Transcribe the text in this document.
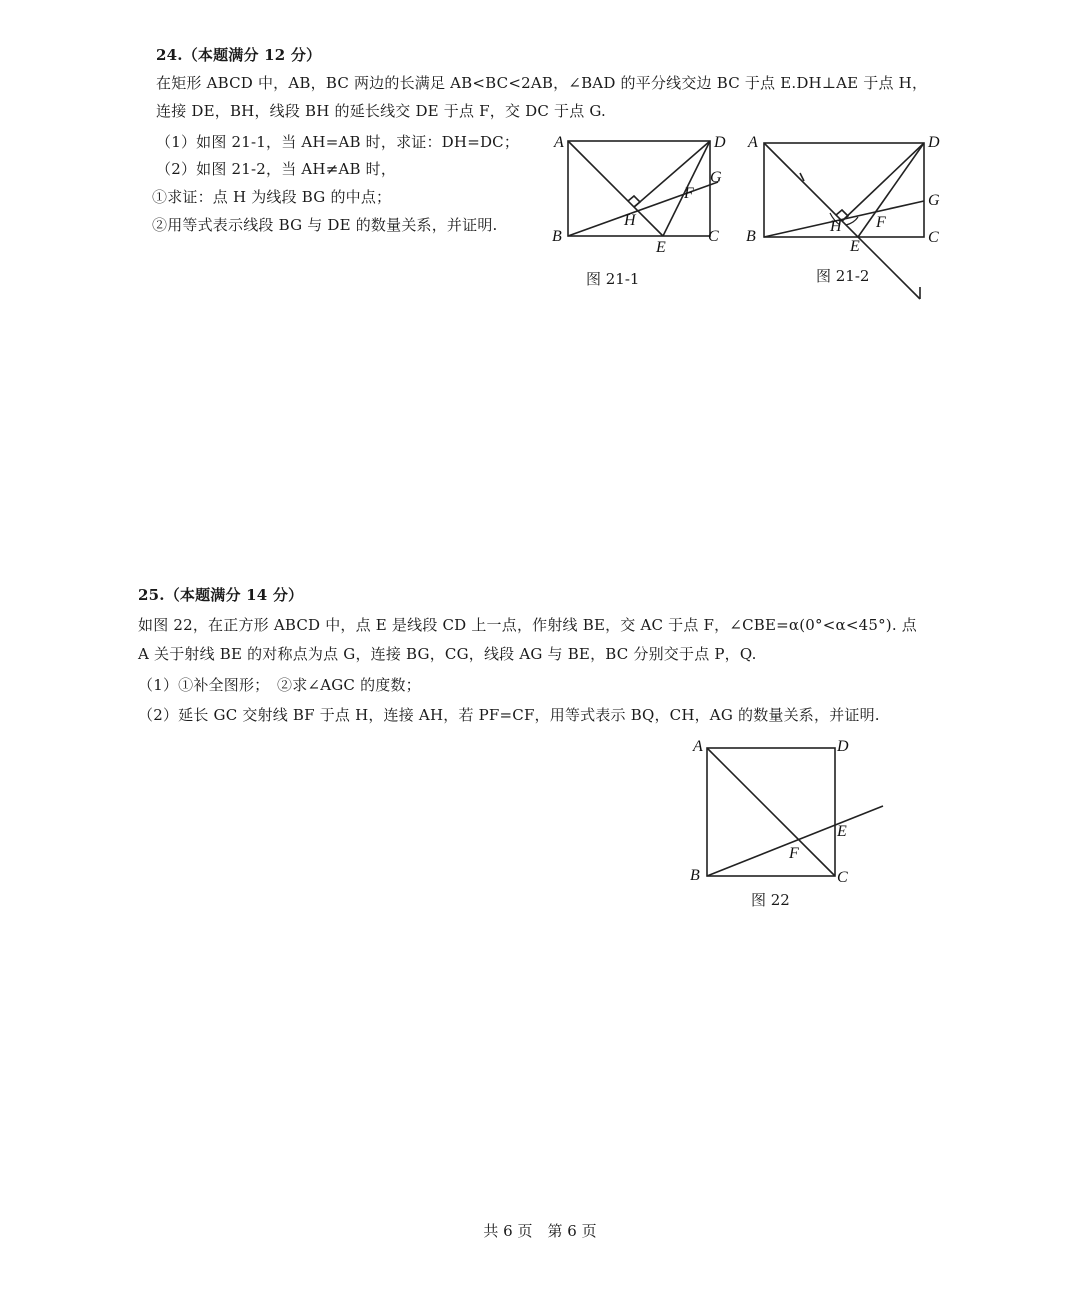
24.（本题满分 12 分）
在矩形 ABCD 中，AB，BC 两边的长满足 AB<BC<2AB，∠BAD 的平分线交边 BC 于点 E.DH⊥AE 于点 H，
连接 DE，BH，线段 BH 的延长线交 DE 于点 F，交 DC 于点 G.
（1）如图 21-1，当 AH=AB 时，求证：DH=DC；
（2）如图 21-2，当 AH≠AB 时，
①求证：点 H 为线段 BG 的中点；
②用等式表示线段 BG 与 DE 的数量关系，并证明.
A	D
B	C
E
F
G
H
图 21-1
A	D
B	C
E
F
G
H
图 21-2
25.（本题满分 14 分）
如图 22，在正方形 ABCD 中，点 E 是线段 CD 上一点，作射线 BE，交 AC 于点 F，∠CBE=α(0°<α<45°). 点
A 关于射线 BE 的对称点为点 G，连接 BG，CG，线段 AG 与 BE，BC 分别交于点 P，Q.
（1）①补全图形；　②求∠AGC 的度数；
（2）延长 GC 交射线 BF 于点 H，连接 AH，若 PF=CF，用等式表示 BQ，CH，AG 的数量关系，并证明.
A	D
B	C
E
F
图 22
共 6 页　第 6 页
